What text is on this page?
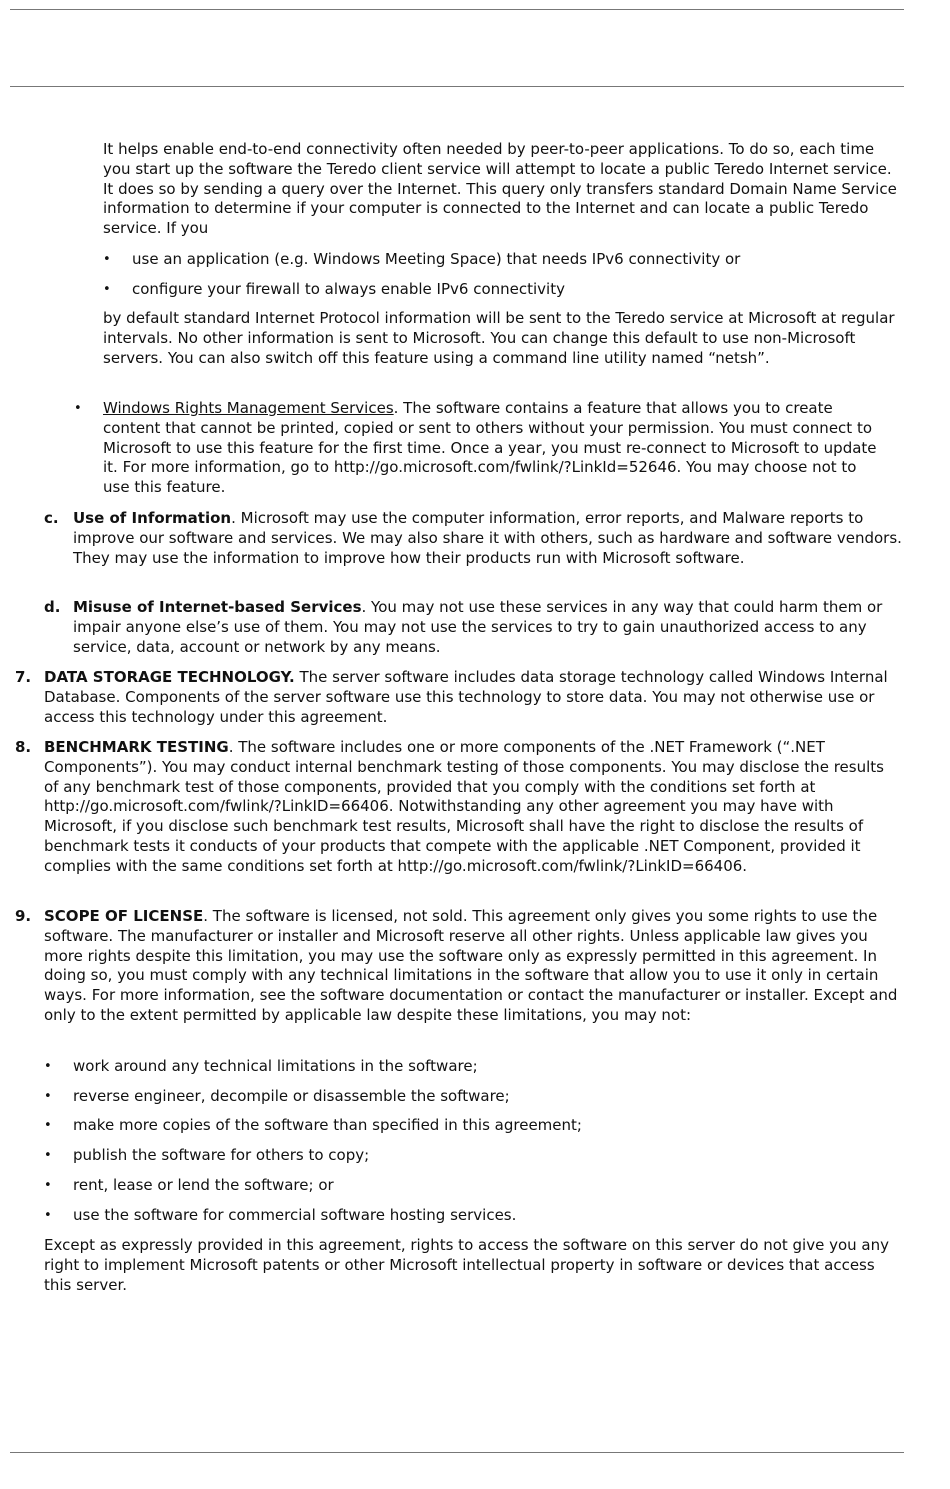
It helps enable end-to-end connectivity often needed by peer-to-peer applications. To do so, each time you start up the software the Teredo client service will attempt to locate a public Teredo Internet service. It does so by sending a query over the Internet. This query only transfers standard Domain Name Service information to determine if your computer is connected to the Internet and can locate a public Teredo service. If you

• use an application (e.g. Windows Meeting Space) that needs IPv6 connectivity or
• configure your firewall to always enable IPv6 connectivity

by default standard Internet Protocol information will be sent to the Teredo service at Microsoft at regular intervals. No other information is sent to Microsoft. You can change this default to use non-Microsoft servers. You can also switch off this feature using a command line utility named “netsh”.

• Windows Rights Management Services. The software contains a feature that allows you to create content that cannot be printed, copied or sent to others without your permission. You must connect to Microsoft to use this feature for the first time. Once a year, you must re-connect to Microsoft to update it. For more information, go to http://go.microsoft.com/fwlink/?LinkId=52646. You may choose not to use this feature.

c. Use of Information. Microsoft may use the computer information, error reports, and Malware reports to improve our software and services. We may also share it with others, such as hardware and software vendors. They may use the information to improve how their products run with Microsoft software.

d. Misuse of Internet-based Services. You may not use these services in any way that could harm them or impair anyone else’s use of them. You may not use the services to try to gain unauthorized access to any service, data, account or network by any means.

7. DATA STORAGE TECHNOLOGY. The server software includes data storage technology called Windows Internal Database. Components of the server software use this technology to store data. You may not otherwise use or access this technology under this agreement.

8. BENCHMARK TESTING. The software includes one or more components of the .NET Framework (“.NET Components”). You may conduct internal benchmark testing of those components. You may disclose the results of any benchmark test of those components, provided that you comply with the conditions set forth at http://go.microsoft.com/fwlink/?LinkID=66406. Notwithstanding any other agreement you may have with Microsoft, if you disclose such benchmark test results, Microsoft shall have the right to disclose the results of benchmark tests it conducts of your products that compete with the applicable .NET Component, provided it complies with the same conditions set forth at http://go.microsoft.com/fwlink/?LinkID=66406.

9. SCOPE OF LICENSE. The software is licensed, not sold. This agreement only gives you some rights to use the software. The manufacturer or installer and Microsoft reserve all other rights. Unless applicable law gives you more rights despite this limitation, you may use the software only as expressly permitted in this agreement. In doing so, you must comply with any technical limitations in the software that allow you to use it only in certain ways. For more information, see the software documentation or contact the manufacturer or installer. Except and only to the extent permitted by applicable law despite these limitations, you may not:

• work around any technical limitations in the software;
• reverse engineer, decompile or disassemble the software;
• make more copies of the software than specified in this agreement;
• publish the software for others to copy;
• rent, lease or lend the software; or
• use the software for commercial software hosting services.

Except as expressly provided in this agreement, rights to access the software on this server do not give you any right to implement Microsoft patents or other Microsoft intellectual property in software or devices that access this server.
